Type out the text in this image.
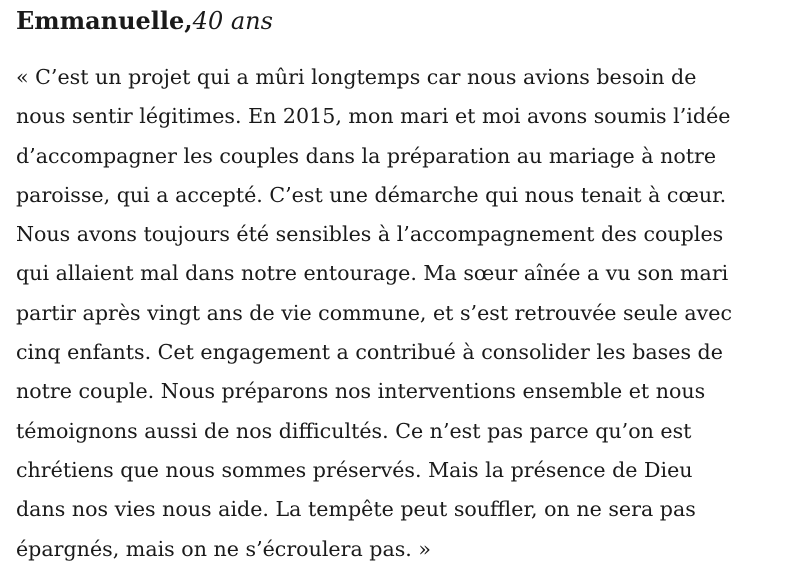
Emmanuelle,40 ans

« C’est un projet qui a mûri longtemps car nous avions besoin de
nous sentir légitimes. En 2015, mon mari et moi avons soumis l’idée
d’accompagner les couples dans la préparation au mariage à notre
paroisse, qui a accepté. C’est une démarche qui nous tenait à cœur.
Nous avons toujours été sensibles à l’accompagnement des couples
qui allaient mal dans notre entourage. Ma sœur aînée a vu son mari
partir après vingt ans de vie commune, et s’est retrouvée seule avec
cinq enfants. Cet engagement a contribué à consolider les bases de
notre couple. Nous préparons nos interventions ensemble et nous
témoignons aussi de nos difficultés. Ce n’est pas parce qu’on est
chrétiens que nous sommes préservés. Mais la présence de Dieu
dans nos vies nous aide. La tempête peut souffler, on ne sera pas
épargnés, mais on ne s’écroulera pas. »
